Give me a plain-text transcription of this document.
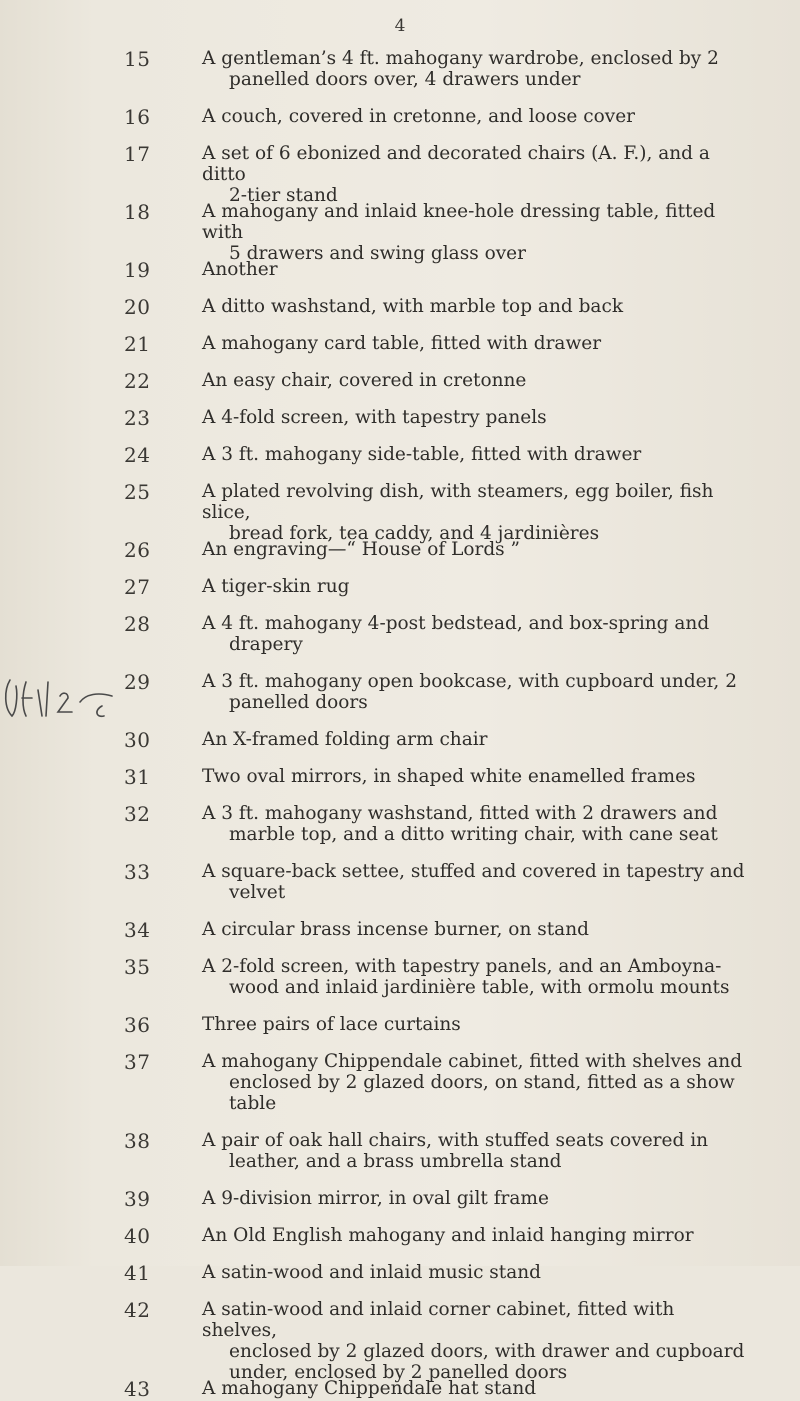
4
15	A gentleman’s 4 ft. mahogany wardrobe, enclosed by 2

panelled doors over, 4 drawers under
16	A couch, covered in cretonne, and loose cover
17	A set of 6 ebonized and decorated chairs (A. F.), and a ditto

2-tier stand
18	A mahogany and inlaid knee-hole dressing table, fitted with

5 drawers and swing glass over
19	Another
20	A ditto washstand, with marble top and back
21	A mahogany card table, fitted with drawer
22	An easy chair, covered in cretonne
23	A 4-fold screen, with tapestry panels
24	A 3 ft. mahogany side-table, fitted with drawer
25	A plated revolving dish, with steamers, egg boiler, fish slice,

bread fork, tea caddy, and 4 jardinières
26	An engraving—“ House of Lords ”
27	A tiger-skin rug
28	A 4 ft. mahogany 4-post bedstead, and box-spring and

drapery
29	A 3 ft. mahogany open bookcase, with cupboard under, 2

panelled doors
30	An X-framed folding arm chair
31	Two oval mirrors, in shaped white enamelled frames
32	A 3 ft. mahogany washstand, fitted with 2 drawers and

marble top, and a ditto writing chair, with cane seat
33	A square-back settee, stuffed and covered in tapestry and

velvet
34	A circular brass incense burner, on stand
35	A 2-fold screen, with tapestry panels, and an Amboyna-

wood and inlaid jardinière table, with ormolu mounts
36	Three pairs of lace curtains
37	A mahogany Chippendale cabinet, fitted with shelves and

enclosed by 2 glazed doors, on stand, fitted as a show
table
38	A pair of oak hall chairs, with stuffed seats covered in

leather, and a brass umbrella stand
39	A 9-division mirror, in oval gilt frame
40	An Old English mahogany and inlaid hanging mirror
41	A satin-wood and inlaid music stand
42	A satin-wood and inlaid corner cabinet, fitted with shelves,

enclosed by 2 glazed doors, with drawer and cupboard
under, enclosed by 2 panelled doors
43	A mahogany Chippendale hat stand
£1·14 –6.
